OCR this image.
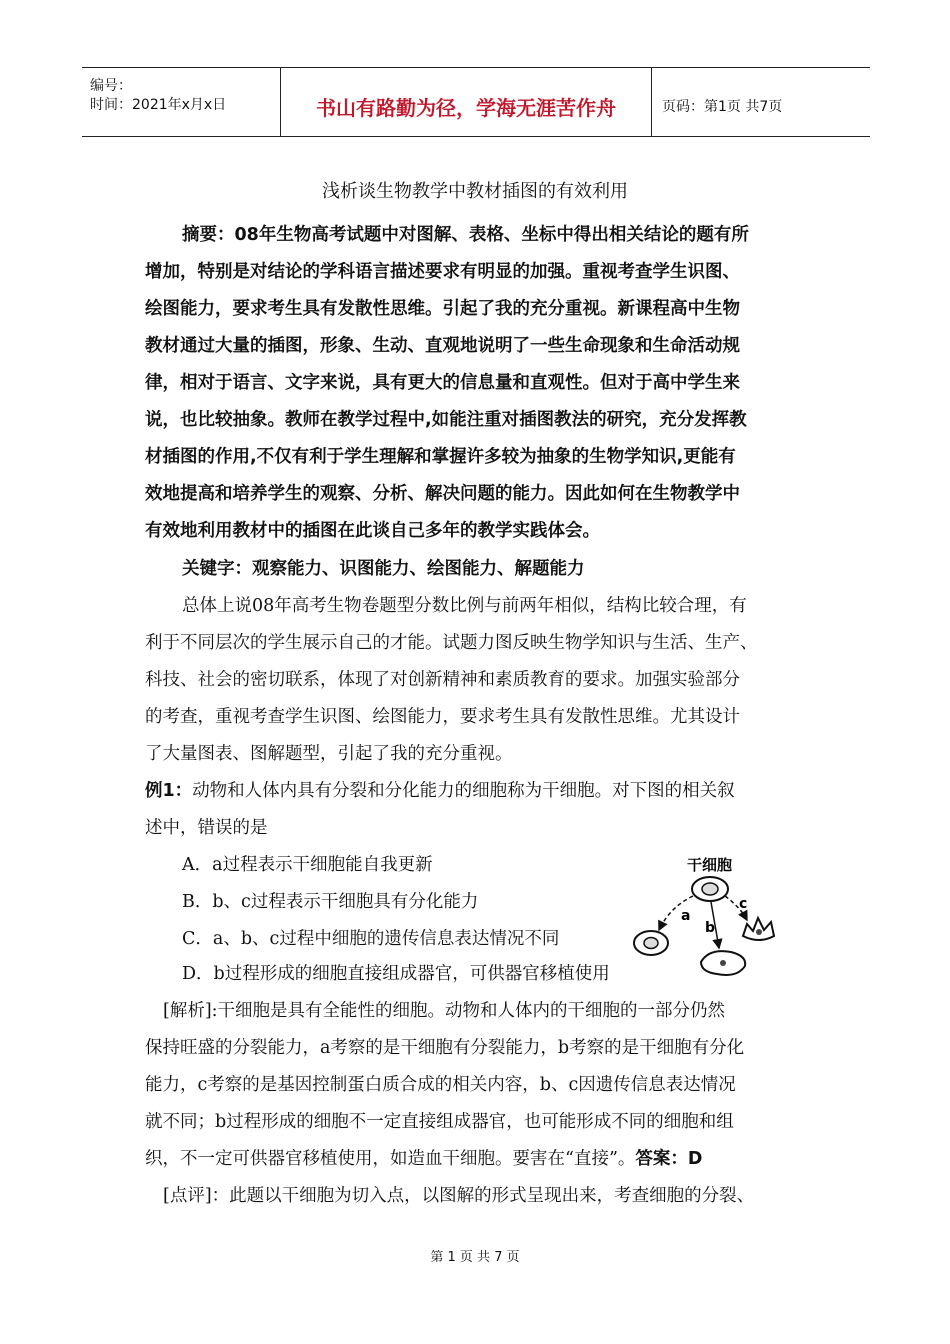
编号：
时间：2021年x月x日	书山有路勤为径，学海无涯苦作舟	页码：第1页 共7页
浅析谈生物教学中教材插图的有效利用
摘要：08年生物高考试题中对图解、表格、坐标中得出相关结论的题有所
增加，特别是对结论的学科语言描述要求有明显的加强。重视考查学生识图、
绘图能力，要求考生具有发散性思维。引起了我的充分重视。新课程高中生物
教材通过大量的插图，形象、生动、直观地说明了一些生命现象和生命活动规
律，相对于语言、文字来说，具有更大的信息量和直观性。但对于高中学生来
说，也比较抽象。教师在教学过程中,如能注重对插图教法的研究，充分发挥教
材插图的作用,不仅有利于学生理解和掌握许多较为抽象的生物学知识,更能有
效地提高和培养学生的观察、分析、解决问题的能力。因此如何在生物教学中
有效地利用教材中的插图在此谈自己多年的教学实践体会。
关键字：观察能力、识图能力、绘图能力、解题能力
总体上说08年高考生物卷题型分数比例与前两年相似，结构比较合理，有
利于不同层次的学生展示自己的才能。试题力图反映生物学知识与生活、生产、
科技、社会的密切联系，体现了对创新精神和素质教育的要求。加强实验部分
的考查，重视考查学生识图、绘图能力，要求考生具有发散性思维。尤其设计
了大量图表、图解题型，引起了我的充分重视。
例1：动物和人体内具有分裂和分化能力的细胞称为干细胞。对下图的相关叙
述中，错误的是
A．a过程表示干细胞能自我更新
B．b、c过程表示干细胞具有分化能力
C．a、b、c过程中细胞的遗传信息表达情况不同
D．b过程形成的细胞直接组成器官，可供器官移植使用
干细胞
a
b
c
[解析]:干细胞是具有全能性的细胞。动物和人体内的干细胞的一部分仍然
保持旺盛的分裂能力，a考察的是干细胞有分裂能力，b考察的是干细胞有分化
能力，c考察的是基因控制蛋白质合成的相关内容，b、c因遗传信息表达情况
就不同；b过程形成的细胞不一定直接组成器官，也可能形成不同的细胞和组
织，不一定可供器官移植使用，如造血干细胞。要害在“直接”。答案：D
[点评]：此题以干细胞为切入点，以图解的形式呈现出来，考查细胞的分裂、
第 1 页 共 7 页
